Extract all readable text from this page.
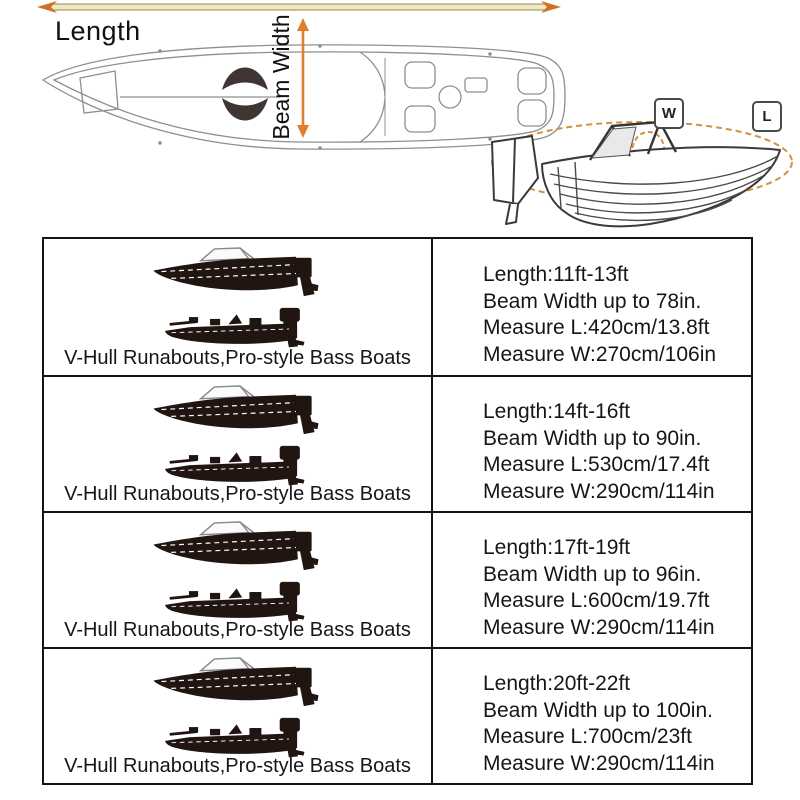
Length	Beam Width	W	L
V-Hull Runabouts,Pro-style Bass Boats
Length:11ft-13ft
Beam Width up to 78in.
Measure L:420cm/13.8ft
Measure W:270cm/106in
V-Hull Runabouts,Pro-style Bass Boats
Length:14ft-16ft
Beam Width up to 90in.
Measure L:530cm/17.4ft
Measure W:290cm/114in
V-Hull Runabouts,Pro-style Bass Boats
Length:17ft-19ft
Beam Width up to 96in.
Measure L:600cm/19.7ft
Measure W:290cm/114in
V-Hull Runabouts,Pro-style Bass Boats
Length:20ft-22ft
Beam Width up to 100in.
Measure L:700cm/23ft
Measure W:290cm/114in
